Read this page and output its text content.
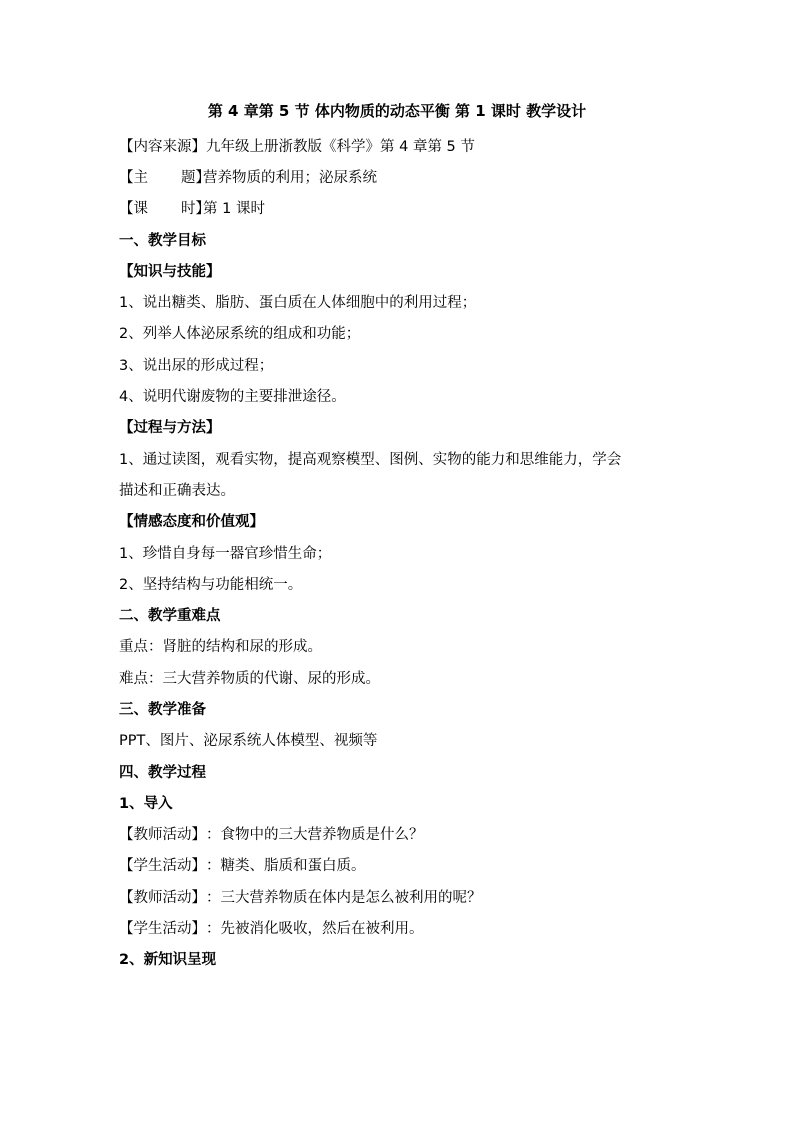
第 4 章第 5 节 体内物质的动态平衡 第 1 课时 教学设计
【内容来源】 九年级上册浙教版《科学》第 4 章第 5 节
【主 题】
营养物质的利用；泌尿系统
【课 时】
第 1 课时
一、教学目标
【知识与技能】
1、说出糖类、脂肪、蛋白质在人体细胞中的利用过程；
2、列举人体泌尿系统的组成和功能；
3、说出尿的形成过程；
4、说明代谢废物的主要排泄途径。
【过程与方法】
1、通过读图，观看实物，提高观察模型、图例、实物的能力和思维能力，学会
描述和正确表达。
【情感态度和价值观】
1、珍惜自身每一器官珍惜生命；
2、坚持结构与功能相统一。
二、教学重难点
重点：肾脏的结构和尿的形成。
难点：三大营养物质的代谢、尿的形成。
三、教学准备
PPT、图片、泌尿系统人体模型、视频等
四、教学过程
1、导入
【教师活动】 ：食物中的三大营养物质是什么？
【学生活动】 ：糖类、脂质和蛋白质。
【教师活动】 ：三大营养物质在体内是怎么被利用的呢？
【学生活动】 ：先被消化吸收，然后在被利用。
2、新知识呈现
